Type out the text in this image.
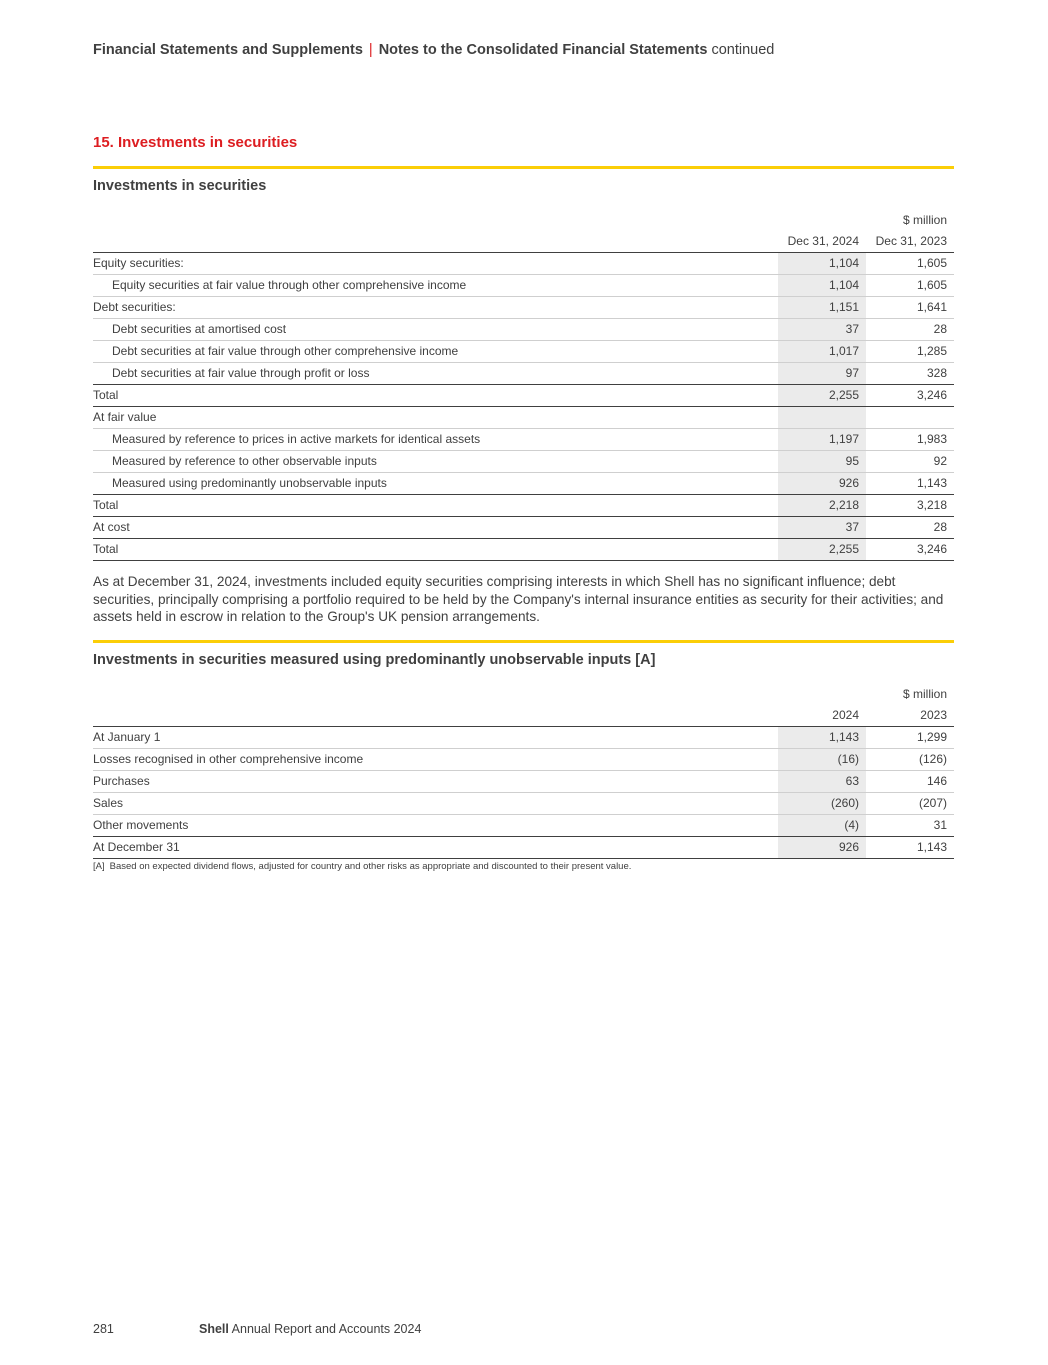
Financial Statements and Supplements | Notes to the Consolidated Financial Statements continued
15. Investments in securities
Investments in securities
		$ million
	Dec 31, 2024	Dec 31, 2023
Equity securities:	1,104	1,605
Equity securities at fair value through other comprehensive income	1,104	1,605
Debt securities:	1,151	1,641
Debt securities at amortised cost	37	28
Debt securities at fair value through other comprehensive income	1,017	1,285
Debt securities at fair value through profit or loss	97	328
Total	2,255	3,246
At fair value		
Measured by reference to prices in active markets for identical assets	1,197	1,983
Measured by reference to other observable inputs	95	92
Measured using predominantly unobservable inputs	926	1,143
Total	2,218	3,218
At cost	37	28
Total	2,255	3,246
As at December 31, 2024, investments included equity securities comprising interests in which Shell has no significant influence; debt securities, principally comprising a portfolio required to be held by the Company's internal insurance entities as security for their activities; and assets held in escrow in relation to the Group's UK pension arrangements.
Investments in securities measured using predominantly unobservable inputs [A]
		$ million
	2024	2023
At January 1	1,143	1,299
Losses recognised in other comprehensive income	(16)	(126)
Purchases	63	146
Sales	(260)	(207)
Other movements	(4)	31
At December 31	926	1,143
[A] Based on expected dividend flows, adjusted for country and other risks as appropriate and discounted to their present value.
281	Shell Annual Report and Accounts 2024
